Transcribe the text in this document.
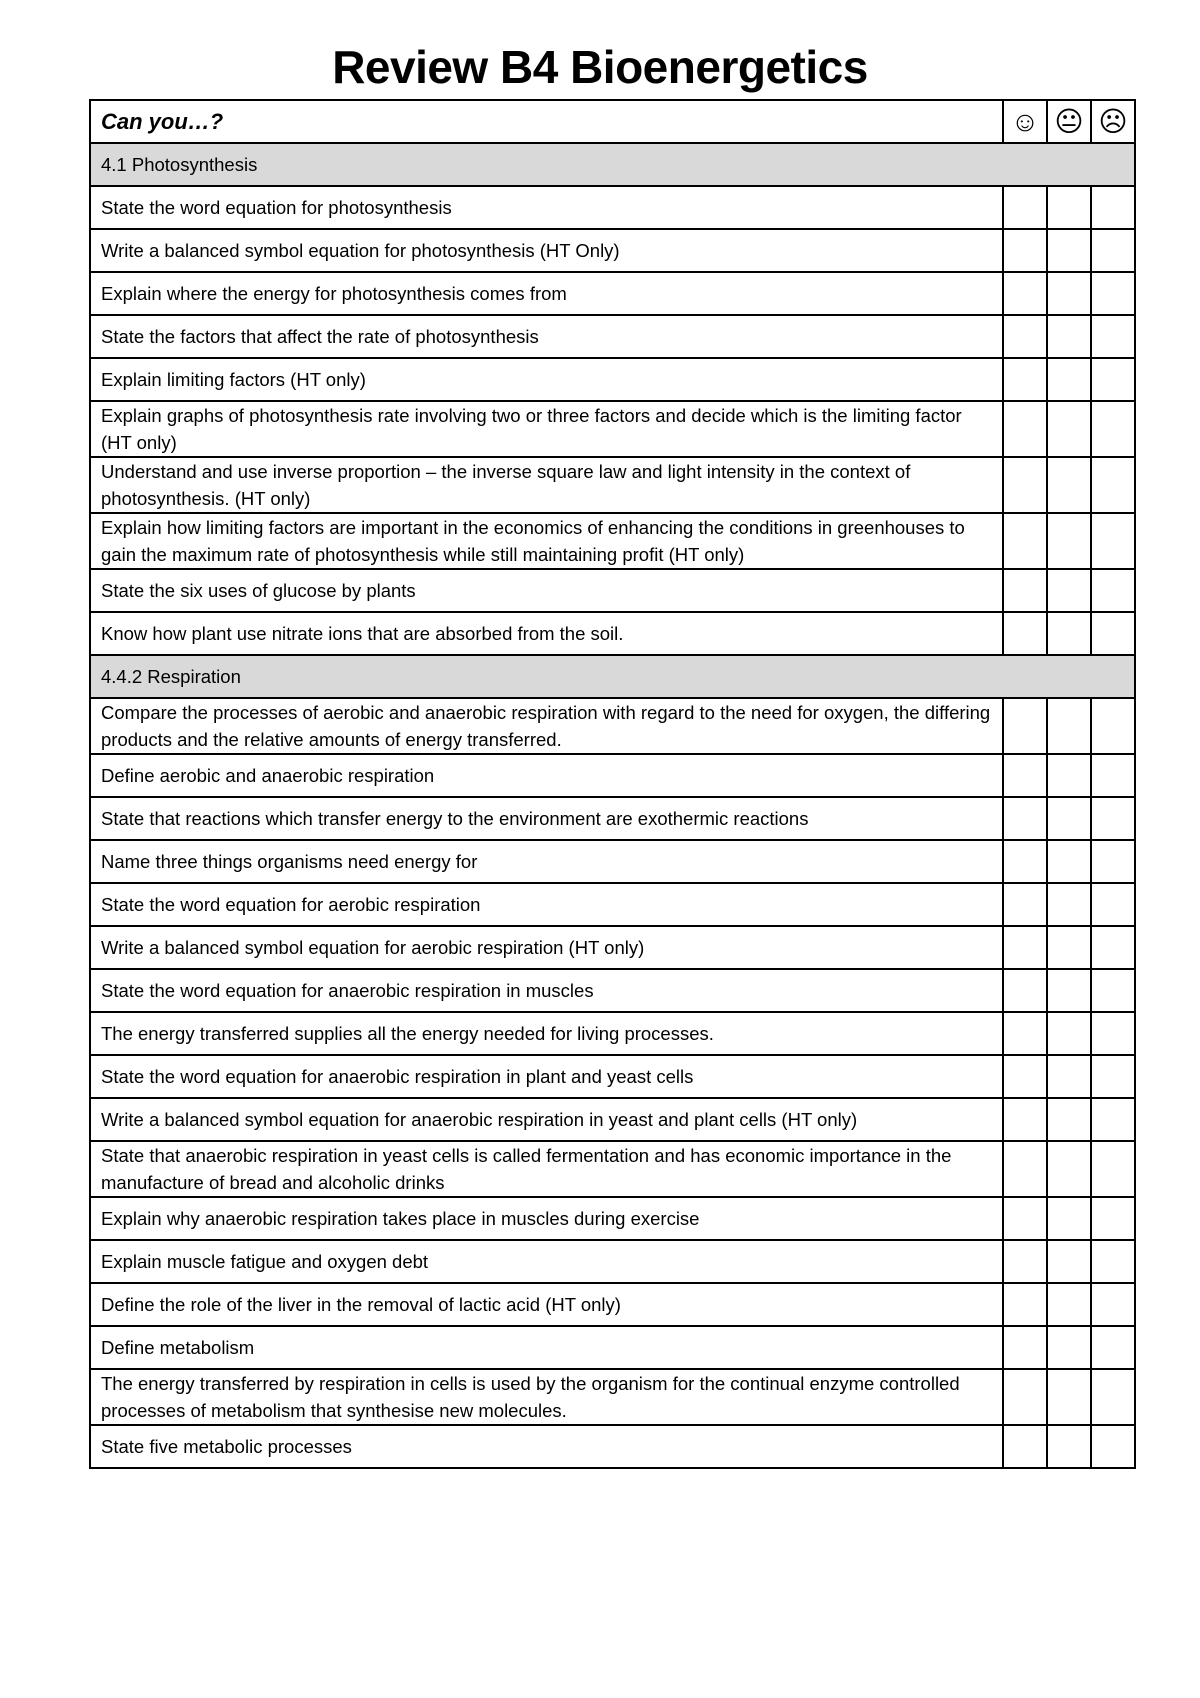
Review B4 Bioenergetics
Can you…?	☺	😐	☹
4.1 Photosynthesis			
State the word equation for photosynthesis			
Write a balanced symbol equation for photosynthesis (HT Only)			
Explain where the energy for photosynthesis comes from			
State the factors that affect the rate of photosynthesis			
Explain limiting factors (HT only)			
Explain graphs of photosynthesis rate involving two or three factors and decide which is the limiting factor (HT only)			
Understand and use inverse proportion – the inverse square law and light intensity in the context of photosynthesis. (HT only)			
Explain how limiting factors are important in the economics of enhancing the conditions in greenhouses to gain the maximum rate of photosynthesis while still maintaining profit (HT only)			
State the six uses of glucose by plants			
Know how plant use nitrate ions that are absorbed from the soil.			
4.4.2 Respiration			
Compare the processes of aerobic and anaerobic respiration with regard to the need for oxygen, the differing products and the relative amounts of energy transferred.			
Define aerobic and anaerobic respiration			
State that reactions which transfer energy to the environment are exothermic reactions			
Name three things organisms need energy for			
State the word equation for aerobic respiration			
Write a balanced symbol equation for aerobic respiration (HT only)			
State the word equation for anaerobic respiration in muscles			
The energy transferred supplies all the energy needed for living processes.			
State the word equation for anaerobic respiration in plant and yeast cells			
Write a balanced symbol equation for anaerobic respiration in yeast and plant cells (HT only)			
State that anaerobic respiration in yeast cells is called fermentation and has economic importance in the manufacture of bread and alcoholic drinks			
Explain why anaerobic respiration takes place in muscles during exercise			
Explain muscle fatigue and oxygen debt			
Define the role of the liver in the removal of lactic acid (HT only)			
Define metabolism			
The energy transferred by respiration in cells is used by the organism for the continual enzyme controlled processes of metabolism that synthesise new molecules.			
State five metabolic processes			
